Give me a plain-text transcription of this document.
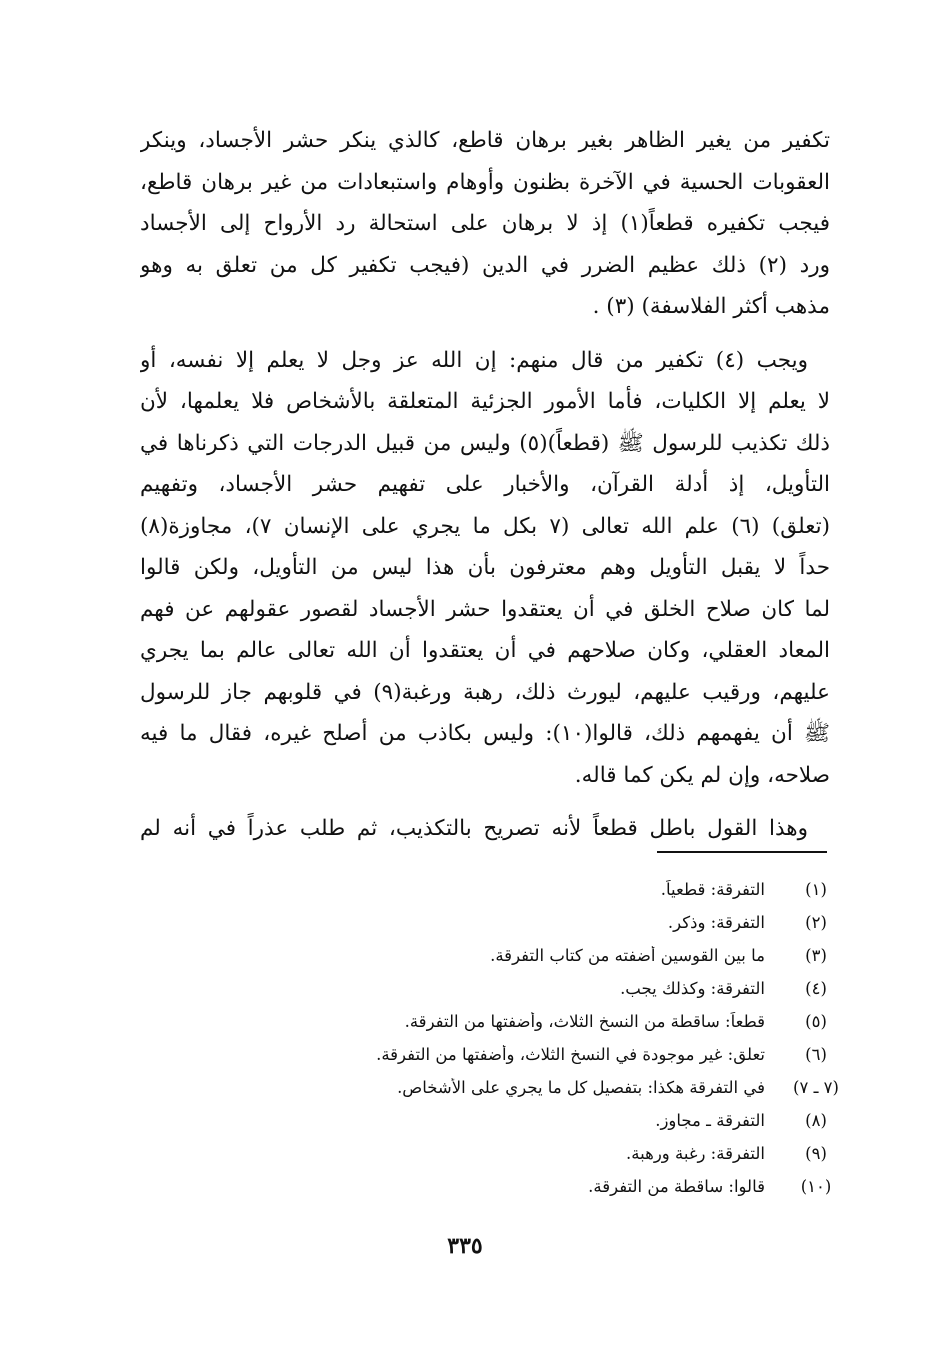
تكفير من يغير الظاهر بغير برهان قاطع، كالذي ينكر حشر الأجساد، وينكر
العقوبات الحسية في الآخرة بظنون وأوهام واستبعادات من غير برهان قاطع،
فيجب تكفيره قطعاً(١) إذ لا برهان على استحالة رد الأرواح إلى الأجساد
ورد (٢) ذلك عظيم الضرر في الدين (فيجب تكفير كل من تعلق به وهو
مذهب أكثر الفلاسفة) (٣) .
ويجب (٤) تكفير من قال منهم: إن الله عز وجل لا يعلم إلا نفسه، أو
لا يعلم إلا الكليات، فأما الأمور الجزئية المتعلقة بالأشخاص فلا يعلمها، لأن
ذلك تكذيب للرسول ﷺ (قطعاً)(٥) وليس من قبيل الدرجات التي ذكرناها في
التأويل، إذ أدلة القرآن، والأخبار على تفهيم حشر الأجساد، وتفهيم
(تعلق) (٦) علم الله تعالى (٧ بكل ما يجري على الإنسان ٧)، مجاوزة(٨)
حداً لا يقبل التأويل وهم معترفون بأن هذا ليس من التأويل، ولكن قالوا
لما كان صلاح الخلق في أن يعتقدوا حشر الأجساد لقصور عقولهم عن فهم
المعاد العقلي، وكان صلاحهم في أن يعتقدوا أن الله تعالى عالم بما يجري
عليهم، ورقيب عليهم، ليورث ذلك، رهبة ورغبة(٩) في قلوبهم جاز للرسول
ﷺ أن يفهمهم ذلك، قالوا(١٠): وليس بكاذب من أصلح غيره، فقال ما فيه
صلاحه، وإن لم يكن كما قاله.
وهذا القول باطل قطعاً لأنه تصريح بالتكذيب، ثم طلب عذراً في أنه لم
(١)
التفرقة: قطعياً.
(٢)
التفرقة: وذكر.
(٣)
ما بين القوسين أضفته من كتاب التفرقة.
(٤)
التفرقة: وكذلك يجب.
(٥)
قطعاً: ساقطة من النسخ الثلاث، وأضفتها من التفرقة.
(٦)
تعلق: غير موجودة في النسخ الثلاث، وأضفتها من التفرقة.
(٧ ـ ٧)
في التفرقة هكذا: بتفصيل كل ما يجري على الأشخاص.
(٨)
التفرقة ـ مجاوز.
(٩)
التفرقة: رغبة ورهبة.
(١٠)
قالوا: ساقطة من التفرقة.
٣٣٥
